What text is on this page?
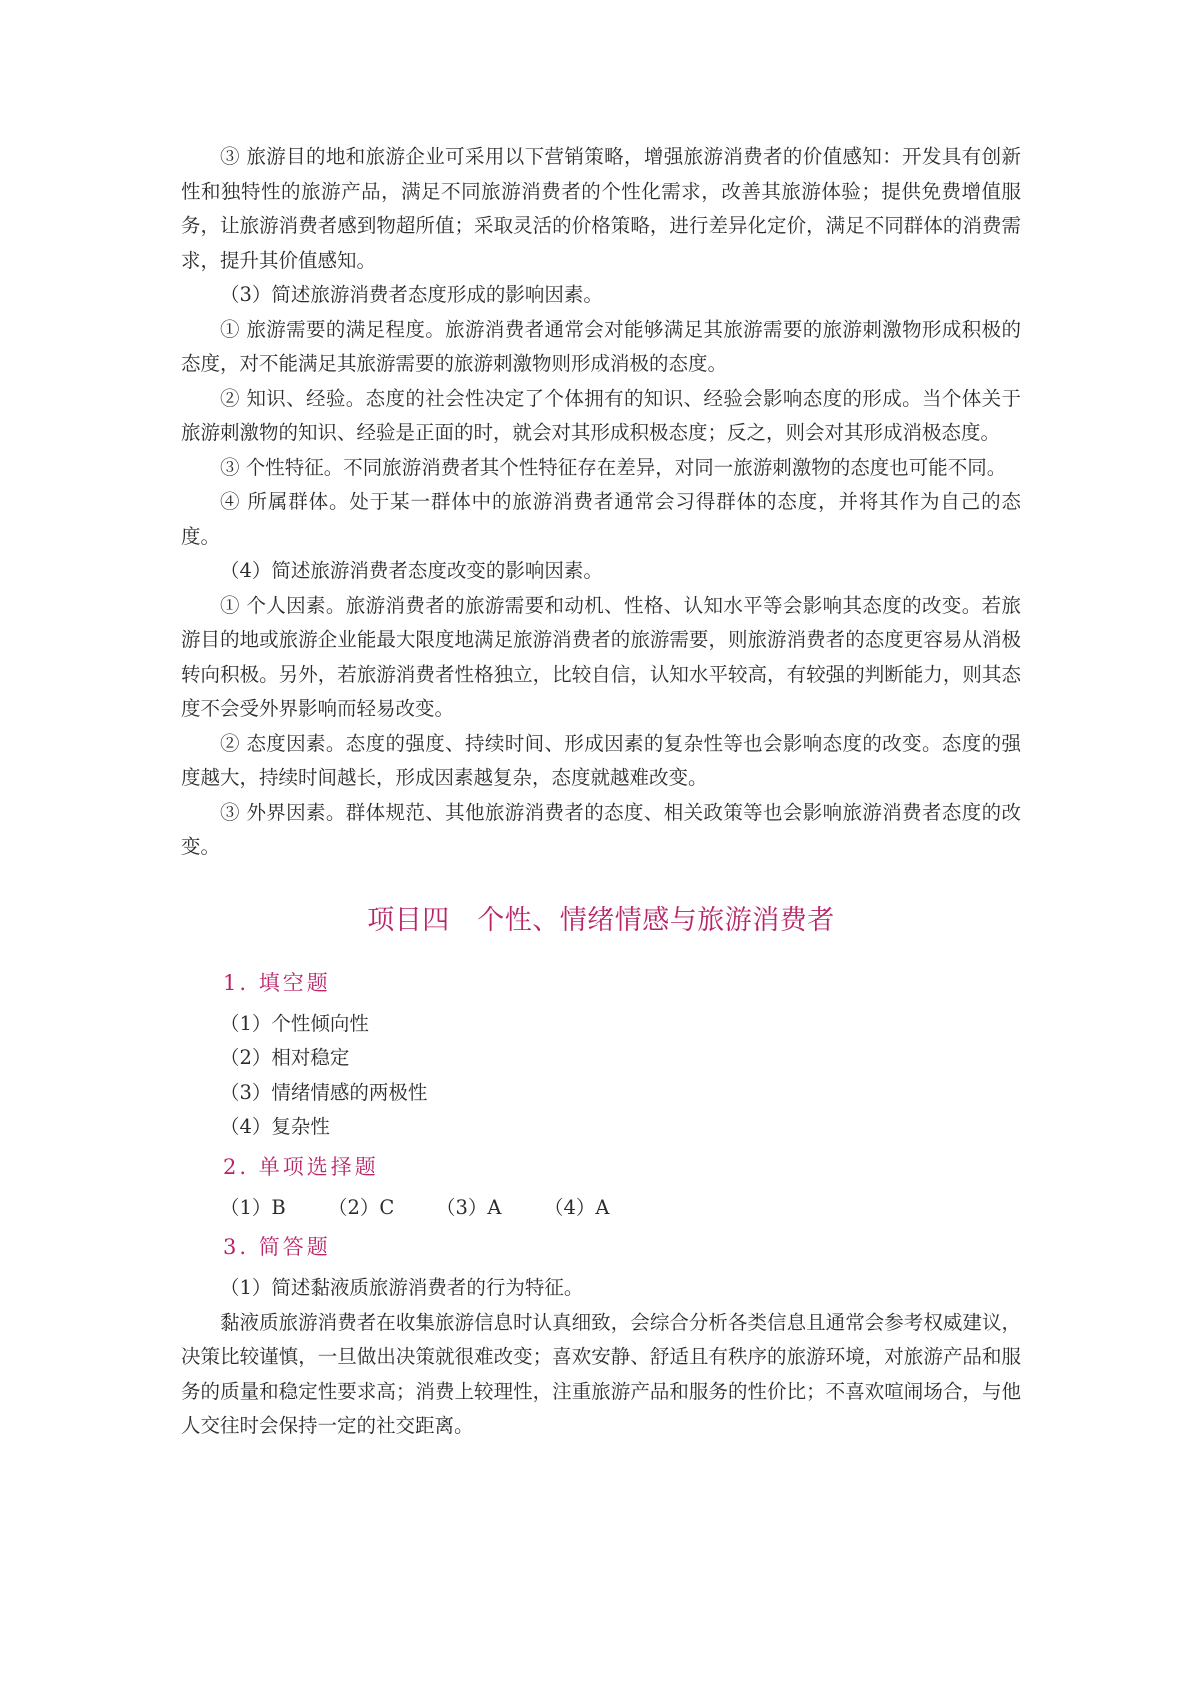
③ 旅游目的地和旅游企业可采用以下营销策略，增强旅游消费者的价值感知：开发具有创新性和独特性的旅游产品，满足不同旅游消费者的个性化需求，改善其旅游体验；提供免费增值服务，让旅游消费者感到物超所值；采取灵活的价格策略，进行差异化定价，满足不同群体的消费需求，提升其价值感知。

（3）简述旅游消费者态度形成的影响因素。

① 旅游需要的满足程度。旅游消费者通常会对能够满足其旅游需要的旅游刺激物形成积极的态度，对不能满足其旅游需要的旅游刺激物则形成消极的态度。

② 知识、经验。态度的社会性决定了个体拥有的知识、经验会影响态度的形成。当个体关于旅游刺激物的知识、经验是正面的时，就会对其形成积极态度；反之，则会对其形成消极态度。

③ 个性特征。不同旅游消费者其个性特征存在差异，对同一旅游刺激物的态度也可能不同。

④ 所属群体。处于某一群体中的旅游消费者通常会习得群体的态度，并将其作为自己的态度。

（4）简述旅游消费者态度改变的影响因素。

① 个人因素。旅游消费者的旅游需要和动机、性格、认知水平等会影响其态度的改变。若旅游目的地或旅游企业能最大限度地满足旅游消费者的旅游需要，则旅游消费者的态度更容易从消极转向积极。另外，若旅游消费者性格独立，比较自信，认知水平较高，有较强的判断能力，则其态度不会受外界影响而轻易改变。

② 态度因素。态度的强度、持续时间、形成因素的复杂性等也会影响态度的改变。态度的强度越大，持续时间越长，形成因素越复杂，态度就越难改变。

③ 外界因素。群体规范、其他旅游消费者的态度、相关政策等也会影响旅游消费者态度的改变。

项目四　个性、情绪情感与旅游消费者
1. 填空题

（1）个性倾向性

（2）相对稳定

（3）情绪情感的两极性

（4）复杂性

2. 单项选择题
（1）B	（2）C	（3）A	（4）A
3. 简答题

（1）简述黏液质旅游消费者的行为特征。

黏液质旅游消费者在收集旅游信息时认真细致，会综合分析各类信息且通常会参考权威建议，决策比较谨慎，一旦做出决策就很难改变；喜欢安静、舒适且有秩序的旅游环境，对旅游产品和服务的质量和稳定性要求高；消费上较理性，注重旅游产品和服务的性价比；不喜欢喧闹场合，与他人交往时会保持一定的社交距离。
